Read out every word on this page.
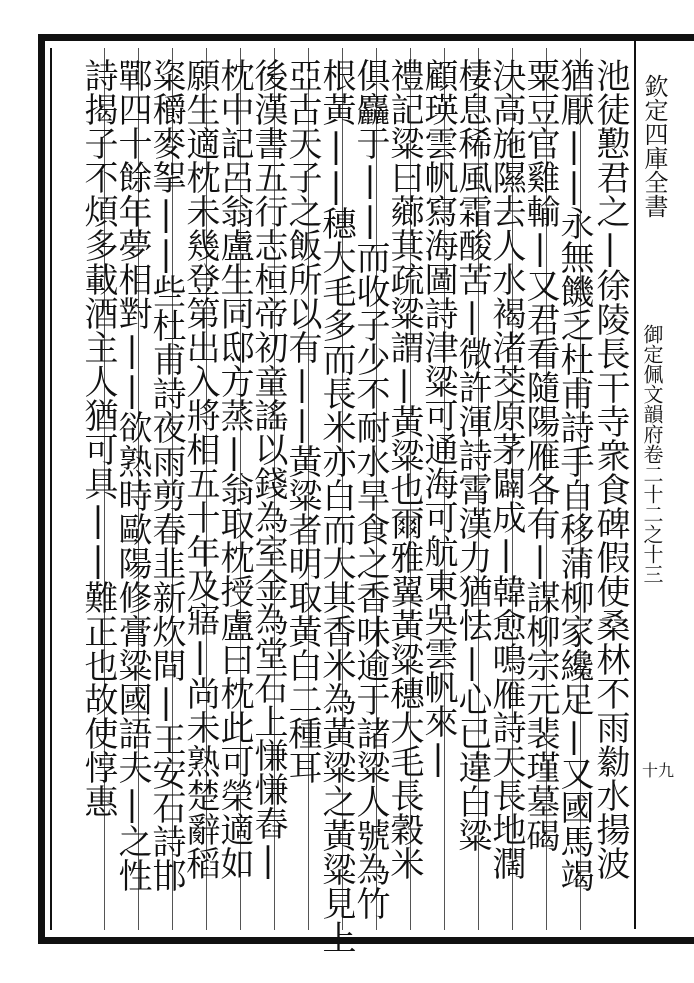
池徒懃君之|徐陵長干寺衆食碑假使桑林不雨勬水揚波
猶厭||永無饑乏杜甫詩手自移蒲柳家纔足|又國馬竭
粟豆官雞輸|又君看隨陽雁各有|謀柳宗元裴瑾墓碣
決高施隰去人水褐渚茭原茅闢成|韓愈鳴雁詩天長地濶
棲息稀風霜酸苦|微許渾詩霄漢力猶怯|心已違白粱
顧瑛雲帆寫海圖詩津粱可通海可航東吳雲帆來|
禮記粱曰薌萁疏粱謂|黃粱也爾雅翼黃粱穗大毛長穀米
俱麤于||而收子少不耐水旱食之香味逾于諸粱人號為竹
根黃||穗大毛多而長米亦白而大其香米為黃粱之黃粱見上
亞古天子之飯所以有||黃粱者明取黃白二種耳
後漢書五行志桓帝初童謠以錢為室金為堂石上慊慊舂|
枕中記呂翁盧生同邸方蒸|翁取枕授盧曰枕此可榮適如
願生適枕未幾登第出入將相五十年及寤|尚未熟楚辭稻
粢穱麥挐||些杜甫詩夜雨剪春韭新炊間|王安石詩邯
鄲四十餘年夢相對||欲熟時歐陽修膏粱國語夫|之性
詩揭子不煩多載酒主人猶可具||難正也故使惇惠	欽定四庫全書
御定佩文韻府卷二十二之十三
十九
